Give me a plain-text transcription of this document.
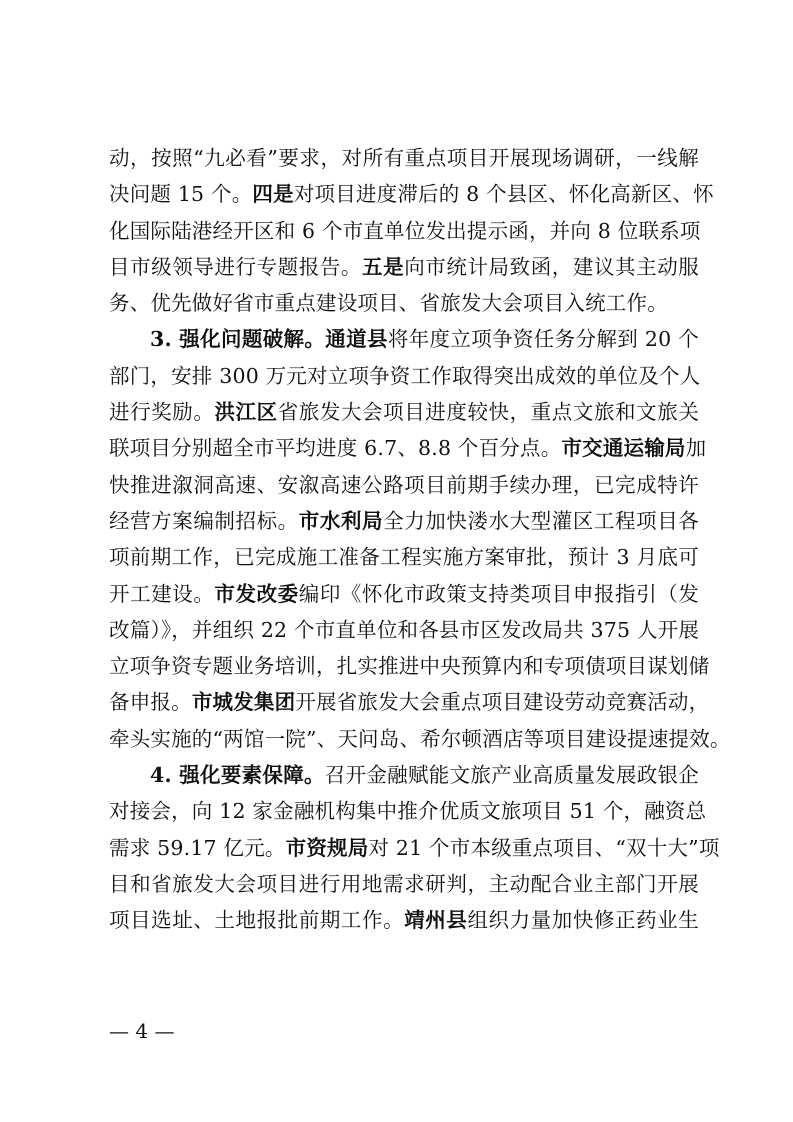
动，按照“九必看”要求，对所有重点项目开展现场调研，一线解
决问题 15 个。四是对项目进度滞后的 8 个县区、怀化高新区、怀
化国际陆港经开区和 6 个市直单位发出提示函，并向 8 位联系项
目市级领导进行专题报告。五是向市统计局致函，建议其主动服
务、优先做好省市重点建设项目、省旅发大会项目入统工作。
3. 强化问题破解。通道县将年度立项争资任务分解到 20 个
部门，安排 300 万元对立项争资工作取得突出成效的单位及个人
进行奖励。洪江区省旅发大会项目进度较快，重点文旅和文旅关
联项目分别超全市平均进度 6.7、8.8 个百分点。市交通运输局加
快推进溆洞高速、安溆高速公路项目前期手续办理，已完成特许
经营方案编制招标。市水利局全力加快溇水大型灌区工程项目各
项前期工作，已完成施工准备工程实施方案审批，预计 3 月底可
开工建设。市发改委编印《怀化市政策支持类项目申报指引（发
改篇）》，并组织 22 个市直单位和各县市区发改局共 375 人开展
立项争资专题业务培训，扎实推进中央预算内和专项债项目谋划储
备申报。市城发集团开展省旅发大会重点项目建设劳动竞赛活动，
牵头实施的“两馆一院”、天问岛、希尔顿酒店等项目建设提速提效。
4. 强化要素保障。召开金融赋能文旅产业高质量发展政银企
对接会，向 12 家金融机构集中推介优质文旅项目 51 个，融资总
需求 59.17 亿元。市资规局对 21 个市本级重点项目、“双十大”项
目和省旅发大会项目进行用地需求研判，主动配合业主部门开展
项目选址、土地报批前期工作。靖州县组织力量加快修正药业生
— 4 —
